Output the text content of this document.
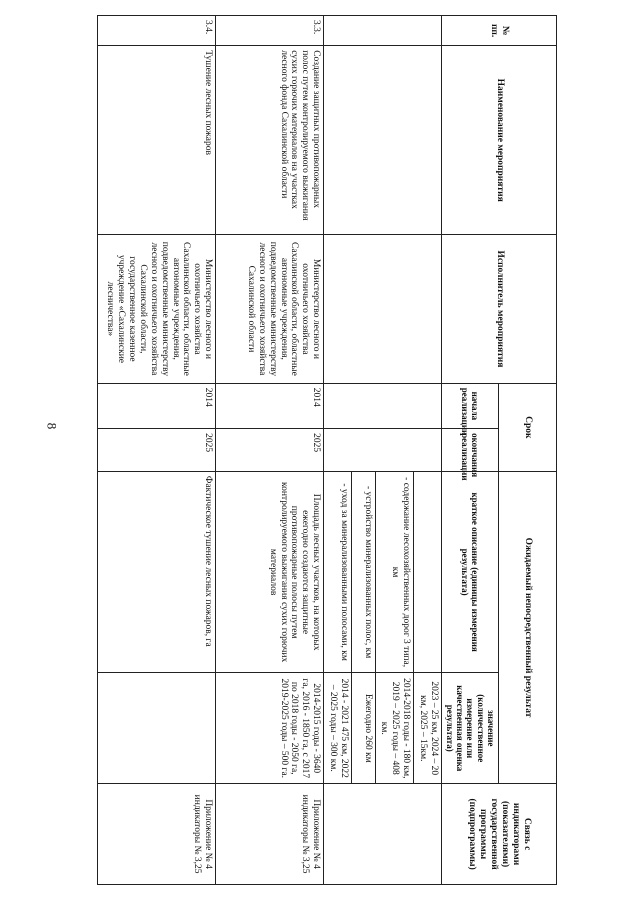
8
№ пп.	Наименование мероприятия	Исполнитель мероприятия	Срок		Ожидаемый непосредственный результат		Связь с индикаторами (показателями) государственной программы (подпрограммы)
			начала реализации	окончания реализации	краткое описание (единицы измерения результата)	значение (количественное измерение или качественная оценка результата)	
						2023 – 25 км, 2024 – 20 км, 2025 – 15км.	
					- содержание лесохозяйственных дорог 3 типа, км	2014-2018 годы - 180 км, 2019 – 2025 годы – 408 км.	
					- устройство минерализованных полос, км	Ежегодно 260 км	
					- уход за минерализованными полосами, км	2014 - 2021 475 км, 2022 – 2025 годы – 300 км.	
3.3.	Создание защитных противопожарных полос путем контролируемого выжигания сухих горючих материалов на участках лесного фонда Сахалинской области	Министерство лесного и охотничьего хозяйства Сахалинской области, областные автономные учреждения, подведомственные министерству лесного и охотничьего хозяйства Сахалинской области	2014	2025	Площадь лесных участков, на которых ежегодно создаются защитные противопожарные полосы путем контролируемого выжигания сухих горючих материалов	2014-2015 годы - 3640 га, 2016 - 1850 га, с 2017 по 2018 годы - 2050 га, 2019-2025 годы – 500 га.	Приложение № 4 индикаторы № 3,25
3.4.	Тушение лесных пожаров	Министерство лесного и охотничьего хозяйства Сахалинской области, областные автономные учреждения, подведомственные министерству лесного и охотничьего хозяйства Сахалинской области, государственное казенное учреждение «Сахалинские лесничества»	2014	2025	Фактическое тушение лесных пожаров, га		Приложение № 4 индикаторы № 3,25
